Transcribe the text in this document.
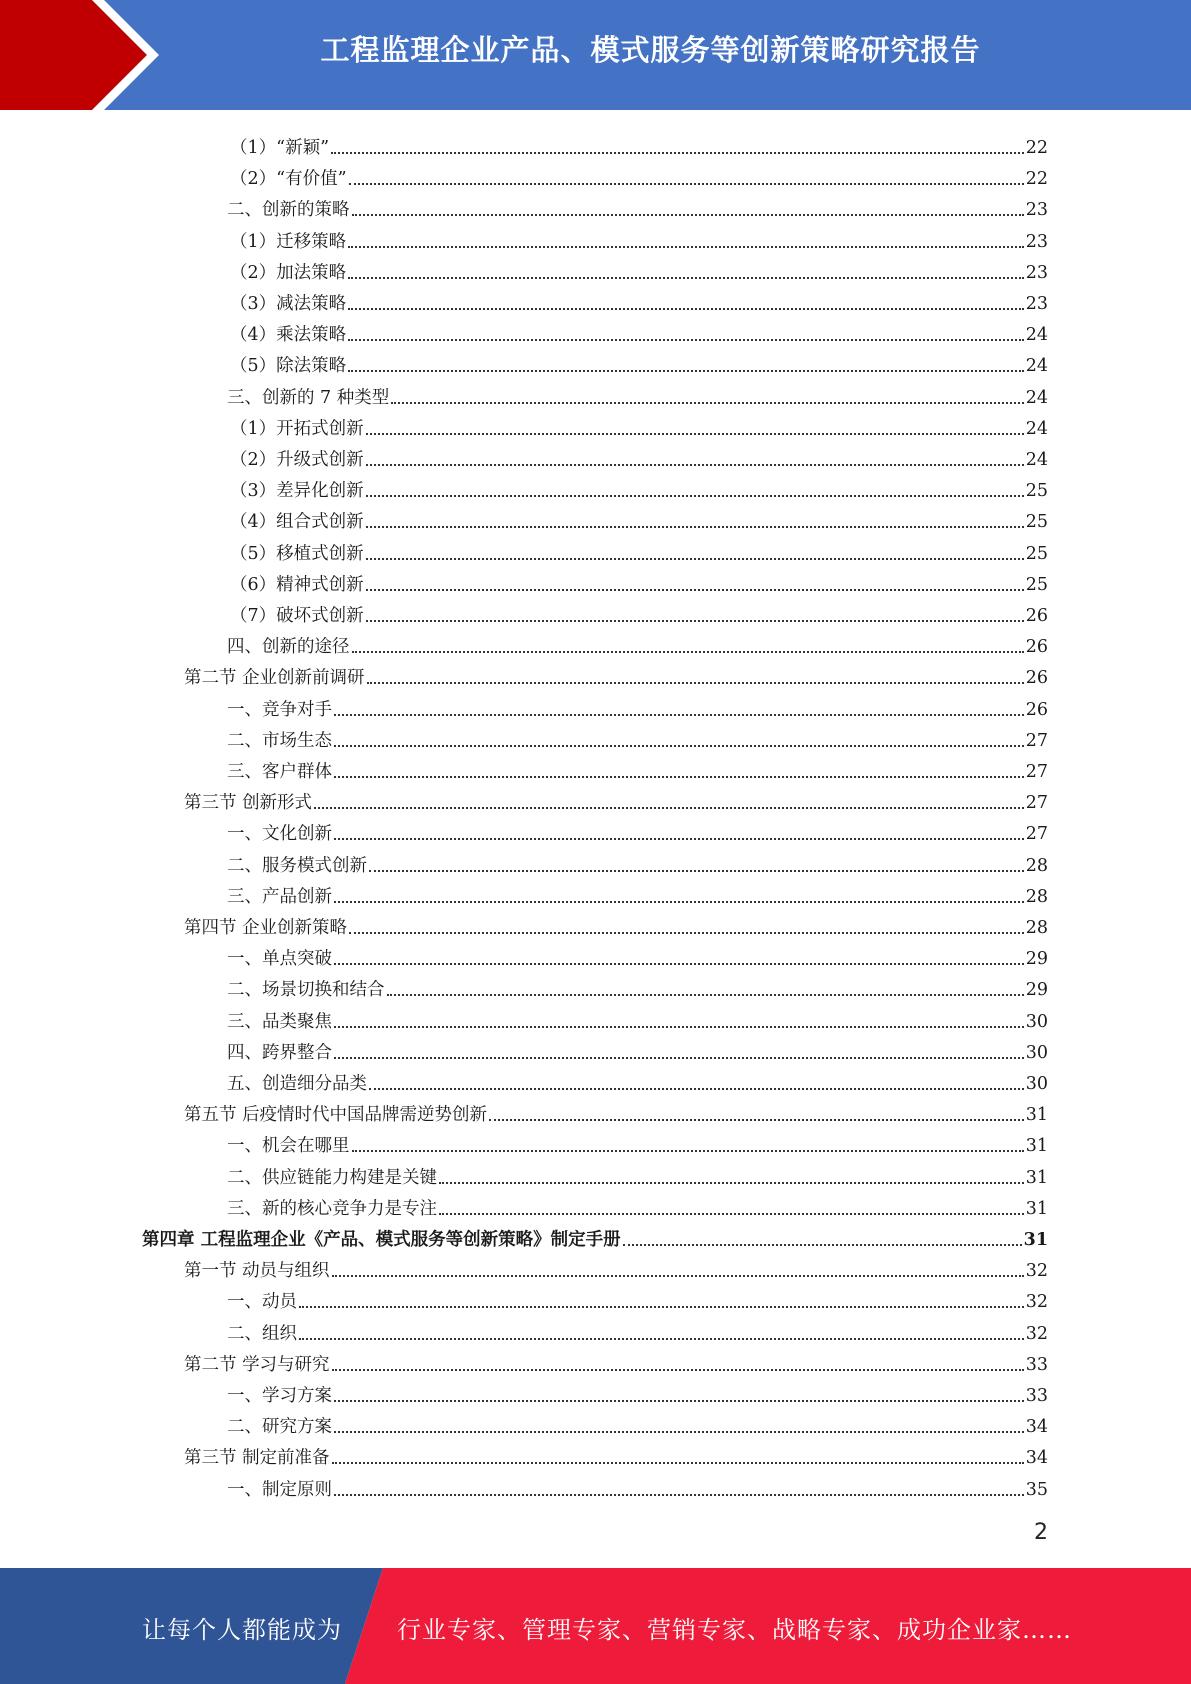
工程监理企业产品、模式服务等创新策略研究报告
（1）“新颖”	22
（2）“有价值”	22
二、创新的策略	23
（1）迁移策略	23
（2）加法策略	23
（3）减法策略	23
（4）乘法策略	24
（5）除法策略	24
三、创新的 7 种类型	24
（1）开拓式创新	24
（2）升级式创新	24
（3）差异化创新	25
（4）组合式创新	25
（5）移植式创新	25
（6）精神式创新	25
（7）破坏式创新	26
四、创新的途径	26
第二节 企业创新前调研	26
一、竞争对手	26
二、市场生态	27
三、客户群体	27
第三节 创新形式	27
一、文化创新	27
二、服务模式创新	28
三、产品创新	28
第四节 企业创新策略	28
一、单点突破	29
二、场景切换和结合	29
三、品类聚焦	30
四、跨界整合	30
五、创造细分品类	30
第五节 后疫情时代中国品牌需逆势创新	31
一、机会在哪里	31
二、供应链能力构建是关键	31
三、新的核心竞争力是专注	31
第四章 工程监理企业《产品、模式服务等创新策略》制定手册	31
第一节 动员与组织	32
一、动员	32
二、组织	32
第二节 学习与研究	33
一、学习方案	33
二、研究方案	34
第三节 制定前准备	34
一、制定原则	35
2
让每个人都能成为 行业专家、管理专家、营销专家、战略专家、成功企业家……
